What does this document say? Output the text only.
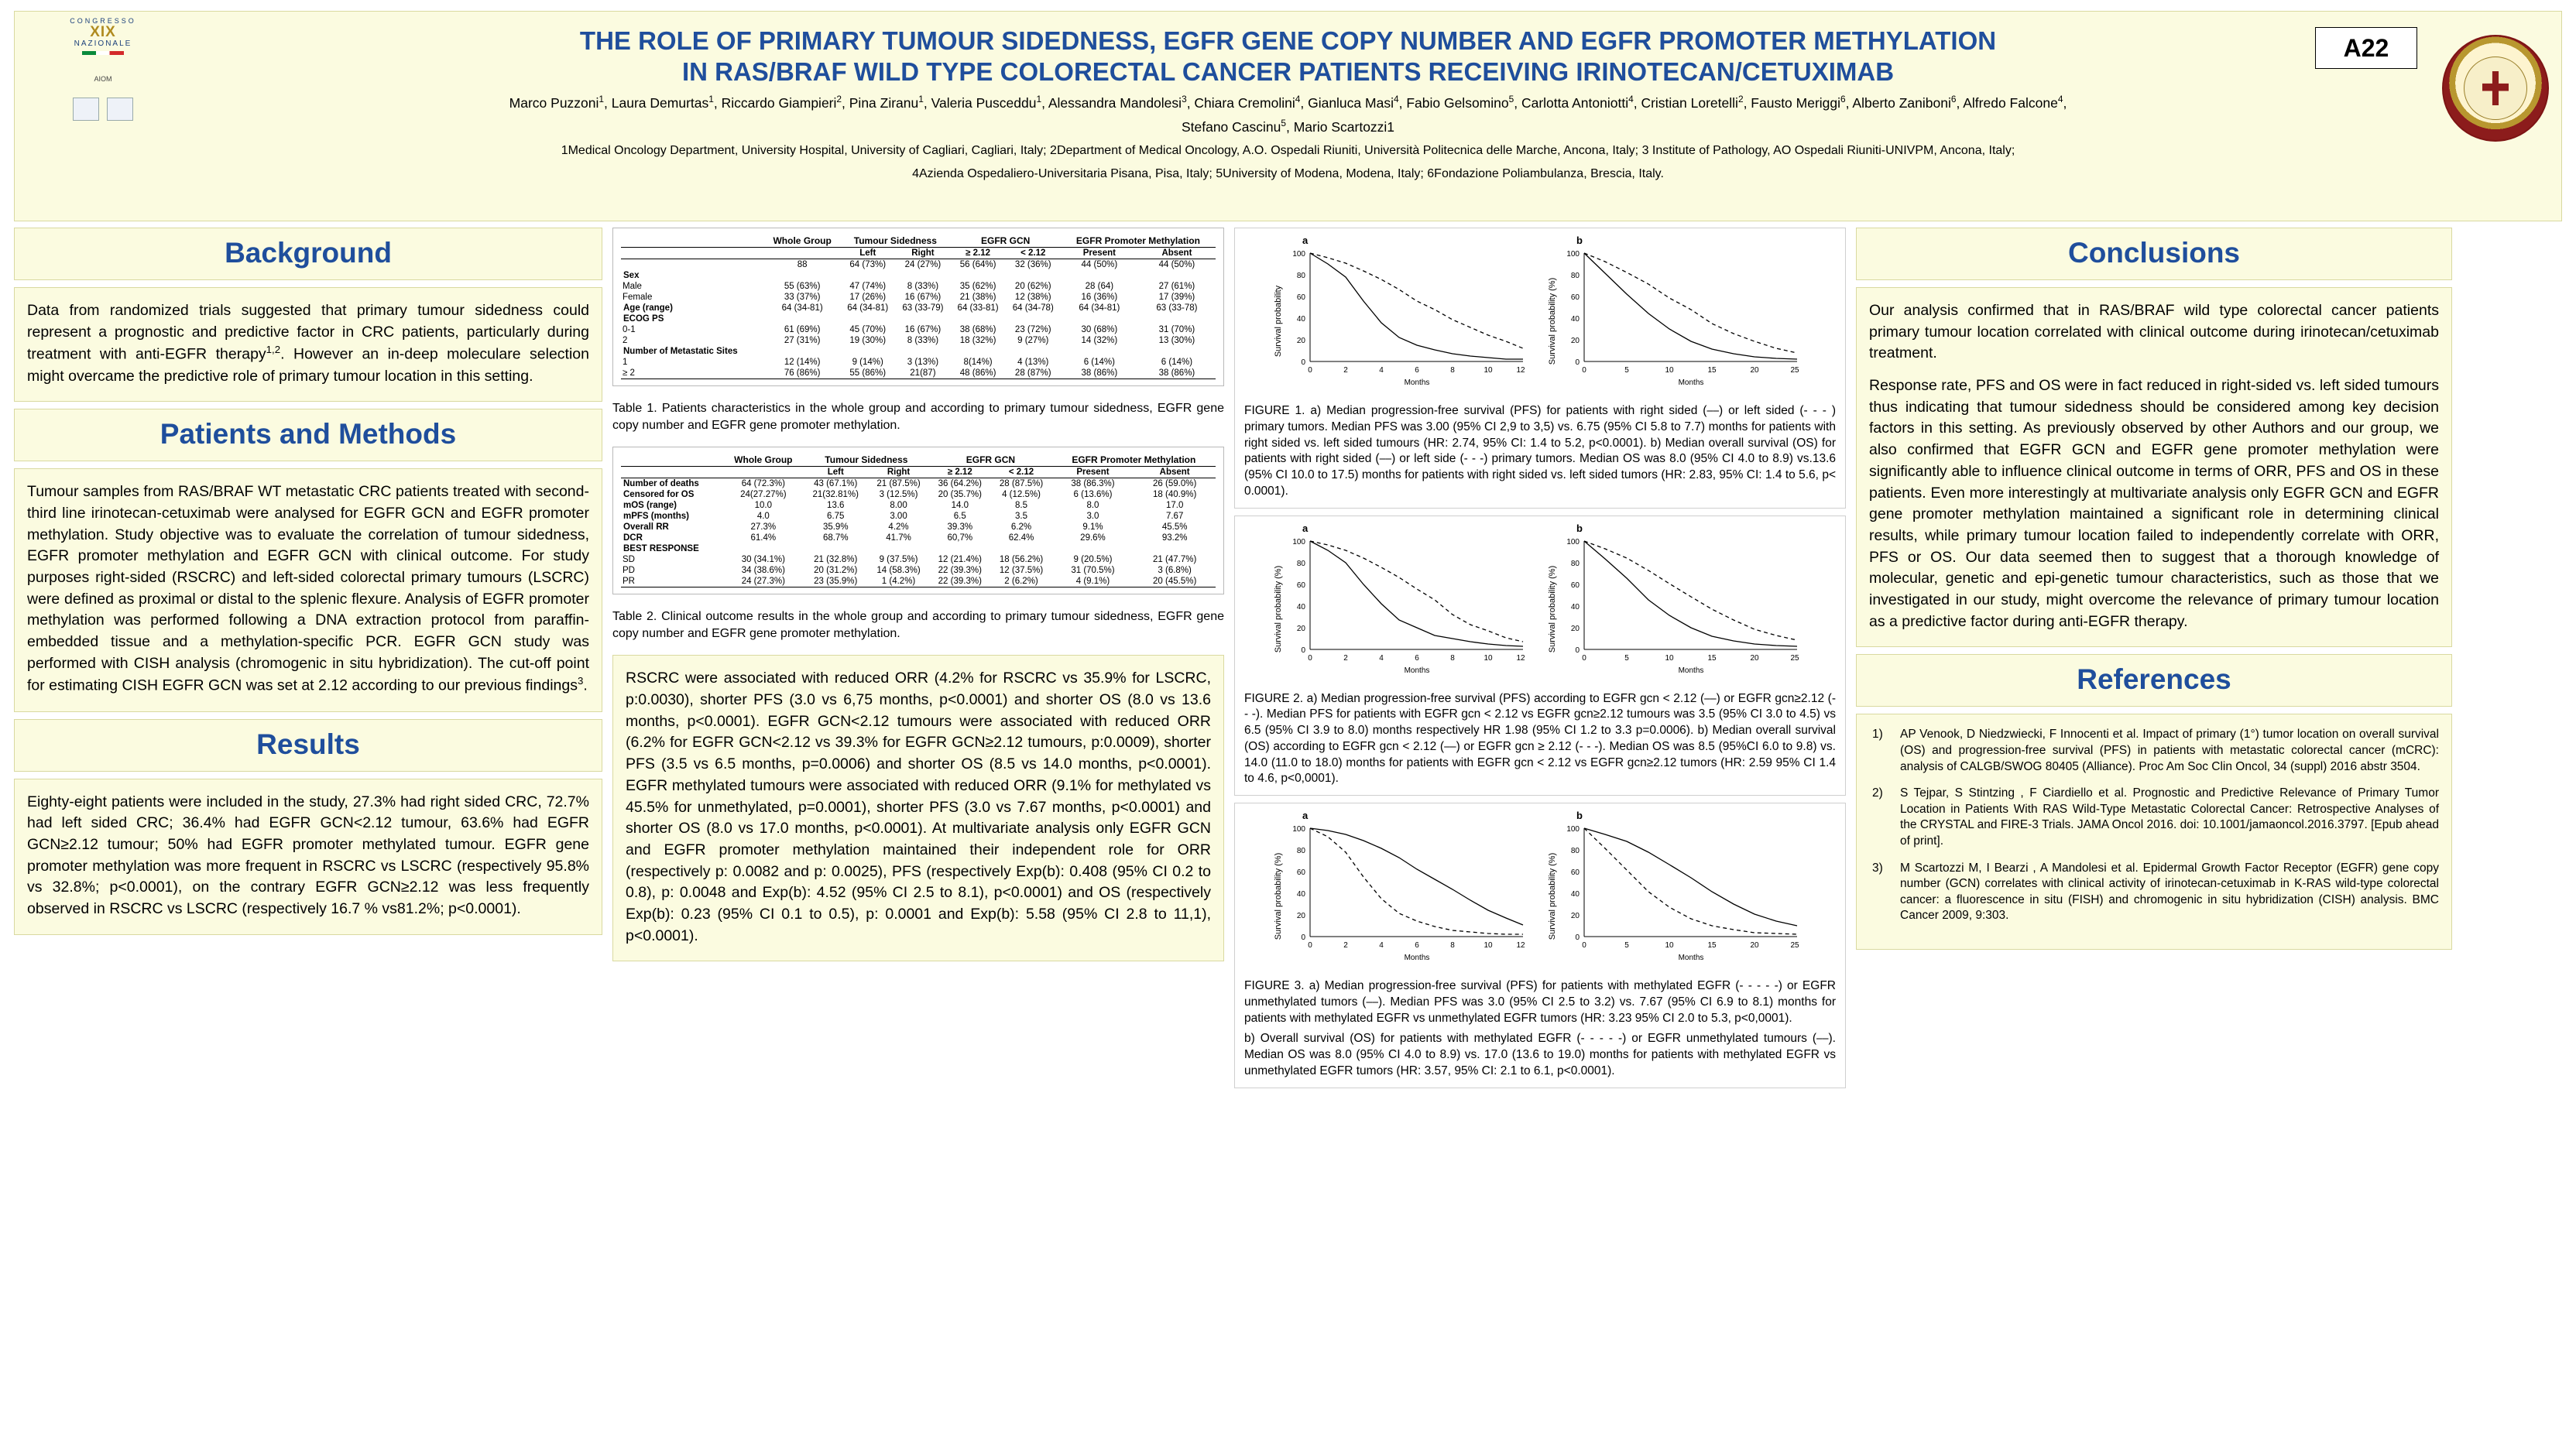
CONGRESSO
XIX
NAZIONALE
AIOM
THE ROLE OF PRIMARY TUMOUR SIDEDNESS, EGFR GENE COPY NUMBER AND EGFR PROMOTER METHYLATION
IN RAS/BRAF WILD TYPE COLORECTAL CANCER PATIENTS RECEIVING IRINOTECAN/CETUXIMAB

Marco Puzzoni$^1$, Laura Demurtas$^1$, Riccardo Giampieri$^2$, Pina Ziranu$^1$, Valeria Pusceddu$^1$, Alessandra Mandolesi$^3$, Chiara Cremolini$^4$, Gianluca Masi$^4$, Fabio Gelsomino$^5$, Carlotta Antoniotti$^4$, Cristian Loretelli$^2$, Fausto Meriggi$^6$, Alberto Zaniboni$^6$, Alfredo Falcone$^4$,

Stefano Cascinu$^5$, Mario Scartozzi1

1Medical Oncology Department, University Hospital, University of Cagliari, Cagliari, Italy; 2Department of Medical Oncology, A.O. Ospedali Riuniti, Università Politecnica delle Marche, Ancona, Italy; 3 Institute of Pathology, AO Ospedali Riuniti-UNIVPM, Ancona, Italy;

4Azienda Ospedaliero-Universitaria Pisana, Pisa, Italy; 5University of Modena, Modena, Italy; 6Fondazione Poliambulanza, Brescia, Italy.

A22
Background
Data from randomized trials suggested that primary tumour sidedness could represent a prognostic and predictive factor in CRC patients, particularly during treatment with anti-EGFR therapy$^{1,2}$. However an in-deep moleculare selection might overcame the predictive role of primary tumour location in this setting.
Patients and Methods
Tumour samples from RAS/BRAF WT metastatic CRC patients treated with second-third line irinotecan-cetuximab were analysed for EGFR GCN and EGFR promoter methylation. Study objective was to evaluate the correlation of tumour sidedness, EGFR promoter methylation and EGFR GCN with clinical outcome. For study purposes right-sided (RSCRC) and left-sided colorectal primary tumours (LSCRC) were defined as proximal or distal to the splenic flexure. Analysis of EGFR promoter methylation was performed following a DNA extraction protocol from paraffin-embedded tissue and a methylation-specific PCR. EGFR GCN study was performed with CISH analysis (chromogenic in situ hybridization). The cut-off point for estimating CISH EGFR GCN was set at 2.12 according to our previous findings$^3$.
Results
Eighty-eight patients were included in the study, 27.3% had right sided CRC, 72.7% had left sided CRC; 36.4% had EGFR GCN<2.12 tumour, 63.6% had EGFR GCN≥2.12 tumour; 50% had EGFR promoter methylated tumour. EGFR gene promoter methylation was more frequent in RSCRC vs LSCRC (respectively 95.8% vs 32.8%; p<0.0001), on the contrary EGFR GCN≥2.12 was less frequently observed in RSCRC vs LSCRC (respectively 16.7 % vs81.2%; p<0.0001).
	Whole Group	Tumour Sidedness		EGFR GCN		EGFR Promoter Methylation	
		Left	Right	≥ 2.12	< 2.12	Present	Absent
	88	64 (73%)	24 (27%)	56 (64%)	32 (36%)	44 (50%)	44 (50%)
Sex							
Male	55 (63%)	47 (74%)	8 (33%)	35 (62%)	20 (62%)	28 (64)	27 (61%)
Female	33 (37%)	17 (26%)	16 (67%)	21 (38%)	12 (38%)	16 (36%)	17 (39%)
Age (range)	64 (34-81)	64 (34-81)	63 (33-79)	64 (33-81)	64 (34-78)	64 (34-81)	63 (33-78)
ECOG PS							
0-1	61 (69%)	45 (70%)	16 (67%)	38 (68%)	23 (72%)	30 (68%)	31 (70%)
2	27 (31%)	19 (30%)	8 (33%)	18 (32%)	9 (27%)	14 (32%)	13 (30%)
Number of Metastatic Sites							
1	12 (14%)	9 (14%)	3 (13%)	8(14%)	4 (13%)	6 (14%)	6 (14%)
≥ 2	76 (86%)	55 (86%)	21(87)	48 (86%)	28 (87%)	38 (86%)	38 (86%)
Table 1. Patients characteristics in the whole group and according to primary tumour sidedness, EGFR gene copy number and EGFR gene promoter methylation.
	Whole Group	Tumour Sidedness		EGFR GCN		EGFR Promoter Methylation	
		Left	Right	≥ 2.12	< 2.12	Present	Absent
Number of deaths	64 (72.3%)	43 (67.1%)	21 (87.5%)	36 (64.2%)	28 (87.5%)	38 (86.3%)	26 (59.0%)
Censored for OS	24(27.27%)	21(32.81%)	3 (12.5%)	20 (35.7%)	4 (12.5%)	6 (13.6%)	18 (40.9%)
mOS (range)	10.0	13.6	8.00	14.0	8.5	8.0	17.0
mPFS (months)	4.0	6.75	3.00	6.5	3.5	3.0	7.67
Overall RR	27.3%	35.9%	4.2%	39.3%	6.2%	9.1%	45.5%
DCR	61.4%	68.7%	41.7%	60,7%	62.4%	29.6%	93.2%
BEST RESPONSE							
SD	30 (34.1%)	21 (32.8%)	9 (37.5%)	12 (21.4%)	18 (56.2%)	9 (20.5%)	21 (47.7%)
PD	34 (38.6%)	20 (31.2%)	14 (58.3%)	22 (39.3%)	12 (37.5%)	31 (70.5%)	3 (6.8%)
PR	24 (27.3%)	23 (35.9%)	1 (4.2%)	22 (39.3%)	2 (6.2%)	4 (9.1%)	20 (45.5%)
Table 2. Clinical outcome results in the whole group and according to primary tumour sidedness, EGFR gene copy number and EGFR gene promoter methylation.
RSCRC were associated with reduced ORR (4.2% for RSCRC vs 35.9% for LSCRC, p:0.0030), shorter PFS (3.0 vs 6,75 months, p<0.0001) and shorter OS (8.0 vs 13.6 months, p<0.0001). EGFR GCN<2.12 tumours were associated with reduced ORR (6.2% for EGFR GCN<2.12 vs 39.3% for EGFR GCN≥2.12 tumours, p:0.0009), shorter PFS (3.5 vs 6.5 months, p=0.0006) and shorter OS (8.5 vs 14.0 months, p<0.0001). EGFR methylated tumours were associated with reduced ORR (9.1% for methylated vs 45.5% for unmethylated, p=0.0001), shorter PFS (3.0 vs 7.67 months, p<0.0001) and shorter OS (8.0 vs 17.0 months, p<0.0001). At multivariate analysis only EGFR GCN and EGFR promoter methylation maintained their independent role for ORR (respectively p: 0.0082 and p: 0.0025), PFS (respectively Exp(b): 0.408 (95% CI 0.2 to 0.8), p: 0.0048 and Exp(b): 4.52 (95% CI 2.5 to 8.1), p<0.0001) and OS (respectively Exp(b): 0.23 (95% CI 0.1 to 0.5), p: 0.0001 and Exp(b): 5.58 (95% CI 2.8 to 11,1), p<0.0001).
a
Survival probability
100
80
60
40
20
0
0	2	4	6	8	10	12
Months
b
Survival probability (%)
100
80
60
40
20
0
0	5	10	15	20	25
Months
FIGURE 1. a) Median progression-free survival (PFS) for patients with right sided (⎯⎯) or left sided (- - - ) primary tumors. Median PFS was 3.00 (95% CI 2,9 to 3,5) vs. 6.75 (95% CI 5.8 to 7.7) months for patients with right sided vs. left sided tumours (HR: 2.74, 95% CI: 1.4 to 5.2, p<0.0001). b) Median overall survival (OS) for patients with right sided (⎯⎯) or left side (- - -) primary tumors. Median OS was 8.0 (95% CI 4.0 to 8.9) vs.13.6 (95% CI 10.0 to 17.5) months for patients with right sided vs. left sided tumors (HR: 2.83, 95% CI: 1.4 to 5.6, p< 0.0001).
a
Survival probability (%)
100
80
60
40
20
0
0	2	4	6	8	10	12
Months
b
Survival probability (%)
100
80
60
40
20
0
0	5	10	15	20	25
Months
FIGURE 2. a) Median progression-free survival (PFS) according to EGFR gcn < 2.12 (⎯⎯) or EGFR gcn≥2.12 (- - -). Median PFS for patients with EGFR gcn < 2.12 vs EGFR gcn≥2.12 tumours was 3.5 (95% CI 3.0 to 4.5) vs 6.5 (95% CI 3.9 to 8.0) months respectively HR 1.98 (95% CI 1.2 to 3.3 p=0.0006). b) Median overall survival (OS) according to EGFR gcn < 2.12 (⎯⎯) or EGFR gcn ≥ 2.12 (- - -). Median OS was 8.5 (95%CI 6.0 to 9.8) vs. 14.0 (11.0 to 18.0) months for patients with EGFR gcn < 2.12 vs EGFR gcn≥2.12 tumors (HR: 2.59 95% CI 1.4 to 4.6, p<0,0001).
a
Survival probability (%)
100
80
60
40
20
0
0	2	4	6	8	10	12
Months
b
Survival probability (%)
100
80
60
40
20
0
0	5	10	15	20	25
Months
FIGURE 3. a) Median progression-free survival (PFS) for patients with methylated EGFR (- - - - -) or EGFR unmethylated tumors (⎯⎯). Median PFS was 3.0 (95% CI 2.5 to 3.2) vs. 7.67 (95% CI 6.9 to 8.1) months for patients with methylated EGFR vs unmethylated EGFR tumors (HR: 3.23 95% CI 2.0 to 5.3, p<0,0001).
b) Overall survival (OS) for patients with methylated EGFR (- - - - -) or EGFR unmethylated tumours (⎯⎯). Median OS was 8.0 (95% CI 4.0 to 8.9) vs. 17.0 (13.6 to 19.0) months for patients with methylated EGFR vs unmethylated EGFR tumors (HR: 3.57, 95% CI: 2.1 to 6.1, p<0.0001).
Conclusions

Our analysis confirmed that in RAS/BRAF wild type colorectal cancer patients primary tumour location correlated with clinical outcome during irinotecan/cetuximab treatment.

Response rate, PFS and OS were in fact reduced in right-sided vs. left sided tumours thus indicating that tumour sidedness should be considered among key decision factors in this setting. As previously observed by other Authors and our group, we also confirmed that EGFR GCN and EGFR gene promoter methylation were significantly able to influence clinical outcome in terms of ORR, PFS and OS in these patients. Even more interestingly at multivariate analysis only EGFR GCN and EGFR gene promoter methylation maintained a significant role in determining clinical results, while primary tumour location failed to independently correlate with ORR, PFS or OS. Our data seemed then to suggest that a thorough knowledge of molecular, genetic and epi-genetic tumour characteristics, such as those that we investigated in our study, might overcome the relevance of primary tumour location as a predictive factor during anti-EGFR therapy.

References
1) AP Venook, D Niedzwiecki, F Innocenti et al. Impact of primary (1°) tumor location on overall survival (OS) and progression-free survival (PFS) in patients with metastatic colorectal cancer (mCRC): analysis of CALGB/SWOG 80405 (Alliance). Proc Am Soc Clin Oncol, 34 (suppl) 2016 abstr 3504.
2) S Tejpar, S Stintzing , F Ciardiello et al. Prognostic and Predictive Relevance of Primary Tumor Location in Patients With RAS Wild-Type Metastatic Colorectal Cancer: Retrospective Analyses of the CRYSTAL and FIRE-3 Trials. JAMA Oncol 2016. doi: 10.1001/jamaoncol.2016.3797. [Epub ahead of print].
3) M Scartozzi M, I Bearzi , A Mandolesi et al. Epidermal Growth Factor Receptor (EGFR) gene copy number (GCN) correlates with clinical activity of irinotecan-cetuximab in K-RAS wild-type colorectal cancer: a fluorescence in situ (FISH) and chromogenic in situ hybridization (CISH) analysis. BMC Cancer 2009, 9:303.
